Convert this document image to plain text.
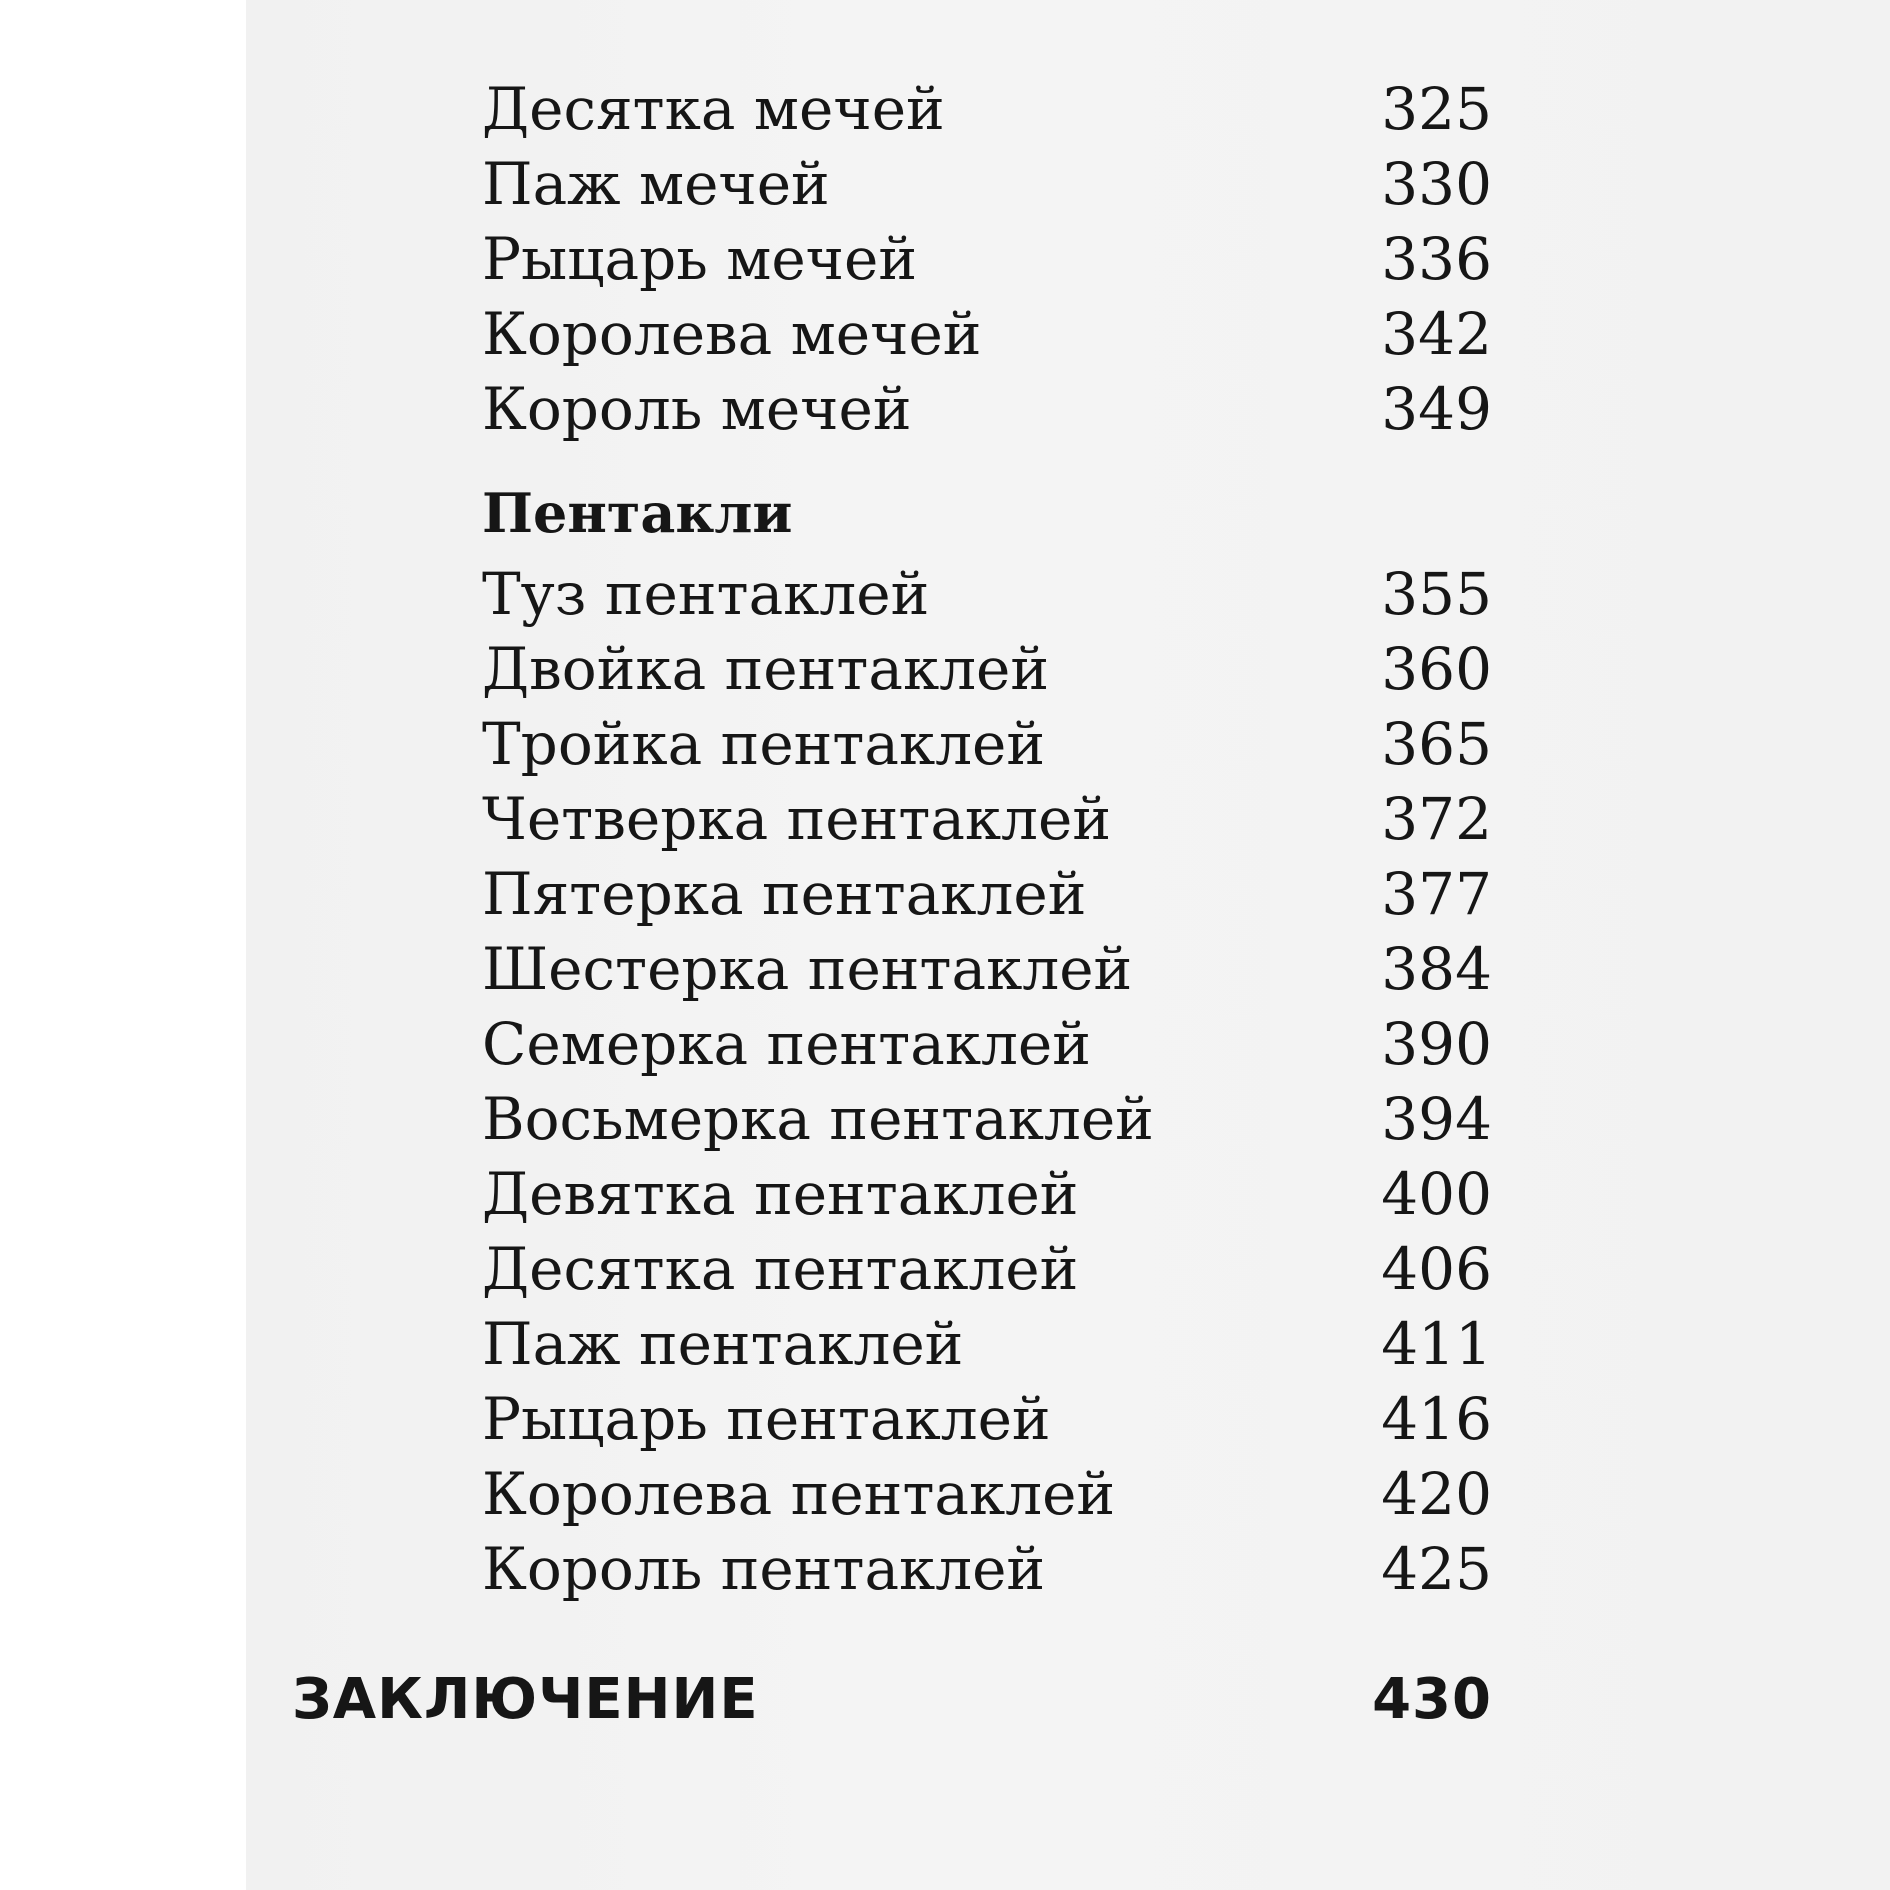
Десятка мечей	325
Паж мечей	330
Рыцарь мечей	336
Королева мечей	342
Король мечей	349
Пентакли
Туз пентаклей	355
Двойка пентаклей	360
Тройка пентаклей	365
Четверка пентаклей	372
Пятерка пентаклей	377
Шестерка пентаклей	384
Семерка пентаклей	390
Восьмерка пентаклей	394
Девятка пентаклей	400
Десятка пентаклей	406
Паж пентаклей	411
Рыцарь пентаклей	416
Королева пентаклей	420
Король пентаклей	425
ЗАКЛЮЧЕНИЕ	430
